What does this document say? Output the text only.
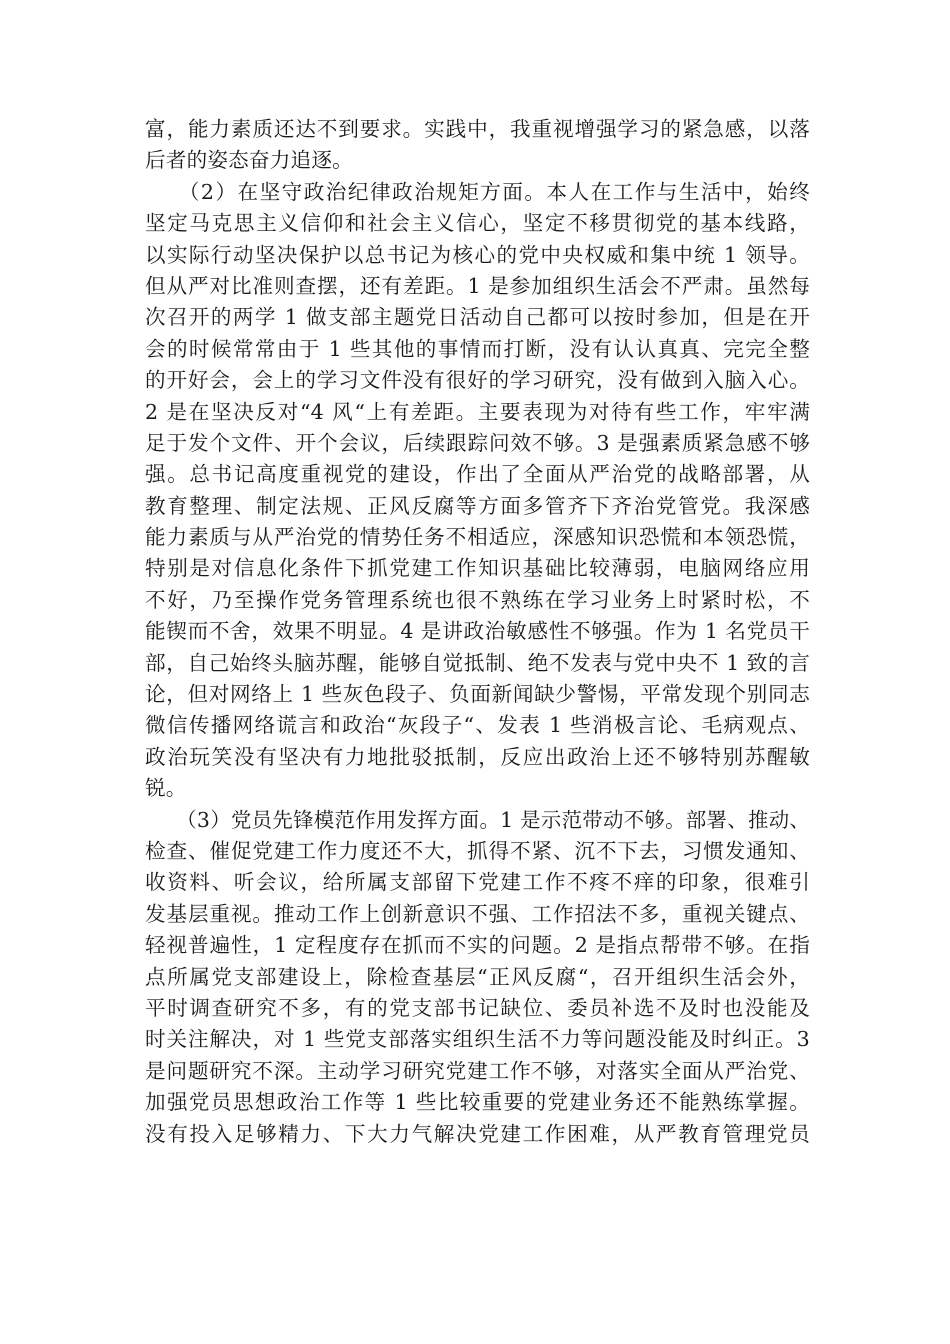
富，能力素质还达不到要求。实践中，我重视增强学习的紧急感，以落
后者的姿态奋力追逐。
　　（2）在坚守政治纪律政治规矩方面。本人在工作与生活中，始终
坚定马克思主义信仰和社会主义信心，坚定不移贯彻党的基本线路，
以实际行动坚决保护以总书记为核心的党中央权威和集中统 1 领导。
但从严对比准则查摆，还有差距。1 是参加组织生活会不严肃。虽然每
次召开的两学 1 做支部主题党日活动自己都可以按时参加，但是在开
会的时候常常由于 1 些其他的事情而打断，没有认认真真、完完全整
的开好会，会上的学习文件没有很好的学习研究，没有做到入脑入心。
2 是在坚决反对“4 风“上有差距。主要表现为对待有些工作，牢牢满
足于发个文件、开个会议，后续跟踪问效不够。3 是强素质紧急感不够
强。总书记高度重视党的建设，作出了全面从严治党的战略部署，从
教育整理、制定法规、正风反腐等方面多管齐下齐治党管党。我深感
能力素质与从严治党的情势任务不相适应，深感知识恐慌和本领恐慌，
特别是对信息化条件下抓党建工作知识基础比较薄弱，电脑网络应用
不好，乃至操作党务管理系统也很不熟练在学习业务上时紧时松，不
能锲而不舍，效果不明显。4 是讲政治敏感性不够强。作为 1 名党员干
部，自己始终头脑苏醒，能够自觉抵制、绝不发表与党中央不 1 致的言
论，但对网络上 1 些灰色段子、负面新闻缺少警惕，平常发现个别同志
微信传播网络谎言和政治“灰段子“、发表 1 些消极言论、毛病观点、
政治玩笑没有坚决有力地批驳抵制，反应出政治上还不够特别苏醒敏
锐。
　　（3）党员先锋模范作用发挥方面。1 是示范带动不够。部署、推动、
检查、催促党建工作力度还不大，抓得不紧、沉不下去，习惯发通知、
收资料、听会议，给所属支部留下党建工作不疼不痒的印象，很难引
发基层重视。推动工作上创新意识不强、工作招法不多，重视关键点、
轻视普遍性，1 定程度存在抓而不实的问题。2 是指点帮带不够。在指
点所属党支部建设上，除检查基层“正风反腐“，召开组织生活会外，
平时调查研究不多，有的党支部书记缺位、委员补选不及时也没能及
时关注解决，对 1 些党支部落实组织生活不力等问题没能及时纠正。3
是问题研究不深。主动学习研究党建工作不够，对落实全面从严治党、
加强党员思想政治工作等 1 些比较重要的党建业务还不能熟练掌握。
没有投入足够精力、下大力气解决党建工作困难，从严教育管理党员
